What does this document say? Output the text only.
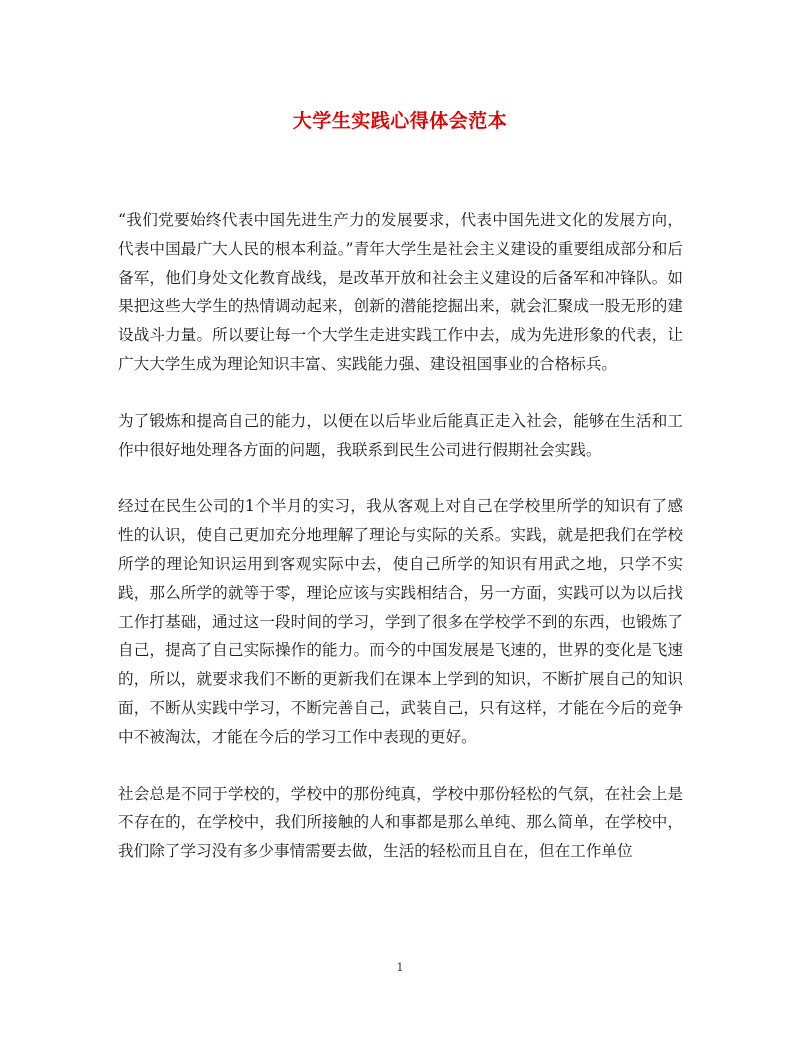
大学生实践心得体会范本

“我们党要始终代表中国先进生产力的发展要求，代表中国先进文化的发展方向，代表中国最广大人民的根本利益。”青年大学生是社会主义建设的重要组成部分和后备军，他们身处文化教育战线，是改革开放和社会主义建设的后备军和冲锋队。如果把这些大学生的热情调动起来，创新的潜能挖掘出来，就会汇聚成一股无形的建设战斗力量。所以要让每一个大学生走进实践工作中去，成为先进形象的代表，让广大大学生成为理论知识丰富、实践能力强、建设祖国事业的合格标兵。

为了锻炼和提高自己的能力，以便在以后毕业后能真正走入社会，能够在生活和工作中很好地处理各方面的问题，我联系到民生公司进行假期社会实践。

经过在民生公司的1个半月的实习，我从客观上对自己在学校里所学的知识有了感性的认识，使自己更加充分地理解了理论与实际的关系。实践，就是把我们在学校所学的理论知识运用到客观实际中去，使自己所学的知识有用武之地，只学不实践，那么所学的就等于零，理论应该与实践相结合，另一方面，实践可以为以后找工作打基础，通过这一段时间的学习，学到了很多在学校学不到的东西，也锻炼了自己，提高了自己实际操作的能力。而今的中国发展是飞速的，世界的变化是飞速的，所以，就要求我们不断的更新我们在课本上学到的知识，不断扩展自己的知识面，不断从实践中学习，不断完善自己，武装自己，只有这样，才能在今后的竞争中不被淘汰，才能在今后的学习工作中表现的更好。

社会总是不同于学校的，学校中的那份纯真，学校中那份轻松的气氛，在社会上是不存在的，在学校中，我们所接触的人和事都是那么单纯、那么简单，在学校中，我们除了学习没有多少事情需要去做，生活的轻松而且自在，但在工作单位

1
